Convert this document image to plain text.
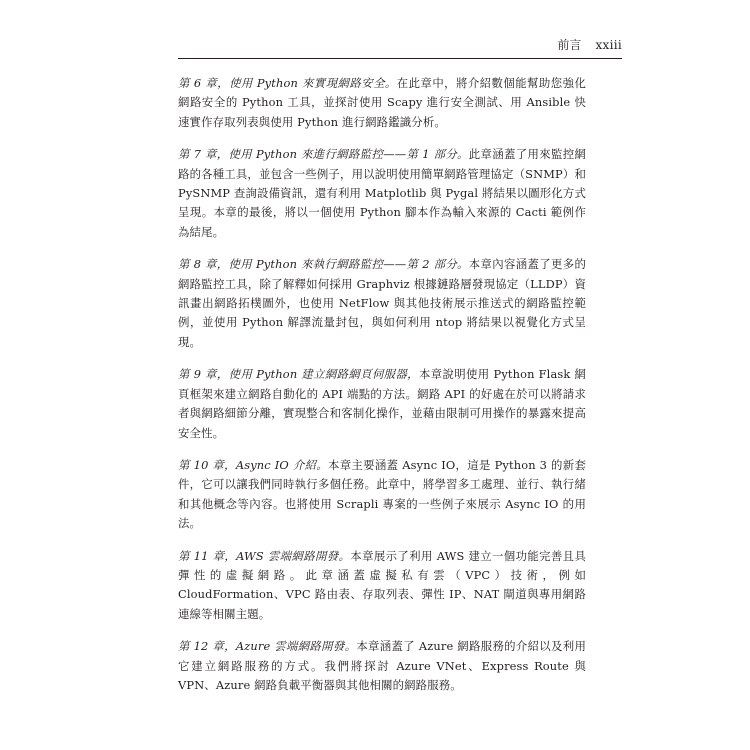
前言 xxiii

第 6 章，使用 Python 來實現網路安全。在此章中，將介紹數個能幫助您強化網路安全的 Python 工具，並探討使用 Scapy 進行安全測試、用 Ansible 快速實作存取列表與使用 Python 進行網路鑑識分析。

第 7 章，使用 Python 來進行網路監控——第 1 部分。此章涵蓋了用來監控網路的各種工具，並包含一些例子，用以說明使用簡單網路管理協定（SNMP）和 PySNMP 查詢設備資訊，還有利用 Matplotlib 與 Pygal 將結果以圖形化方式呈現。本章的最後，將以一個使用 Python 腳本作為輸入來源的 Cacti 範例作為結尾。

第 8 章，使用 Python 來執行網路監控——第 2 部分。本章內容涵蓋了更多的網路監控工具，除了解釋如何採用 Graphviz 根據鏈路層發現協定（LLDP）資訊畫出網路拓樸圖外，也使用 NetFlow 與其他技術展示推送式的網路監控範例，並使用 Python 解譯流量封包，與如何利用 ntop 將結果以視覺化方式呈現。

第 9 章，使用 Python 建立網路網頁伺服器，本章說明使用 Python Flask 網頁框架來建立網路自動化的 API 端點的方法。網路 API 的好處在於可以將請求者與網路細節分離，實現整合和客制化操作，並藉由限制可用操作的暴露來提高安全性。

第 10 章，Async IO 介紹。本章主要涵蓋 Async IO，這是 Python 3 的新套件，它可以讓我們同時執行多個任務。此章中，將學習多工處理、並行、執行緒和其他概念等內容。也將使用 Scrapli 專案的一些例子來展示 Async IO 的用法。

第 11 章，AWS 雲端網路開發。本章展示了利用 AWS 建立一個功能完善且具彈性的虛擬網路。此章涵蓋虛擬私有雲（VPC）技術，例如 CloudFormation、VPC 路由表、存取列表、彈性 IP、NAT 閘道與專用網路連線等相關主題。

第 12 章，Azure 雲端網路開發。本章涵蓋了 Azure 網路服務的介紹以及利用它建立網路服務的方式。我們將探討 Azure VNet、Express Route 與 VPN、Azure 網路負載平衡器與其他相關的網路服務。
